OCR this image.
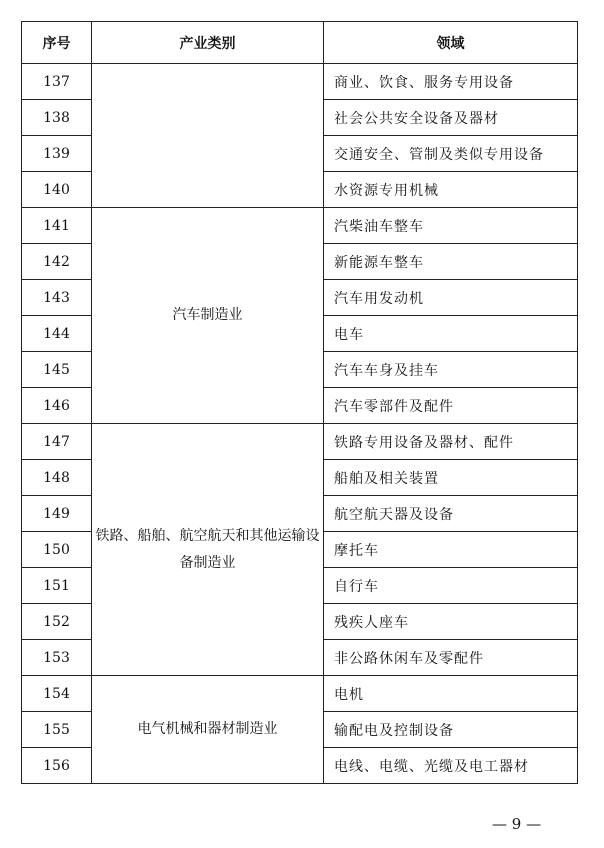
序号	产业类别	领域
137		商业、饮食、服务专用设备
138		社会公共安全设备及器材
139		交通安全、管制及类似专用设备
140		水资源专用机械
141	汽车制造业	汽柴油车整车
142		新能源车整车
143		汽车用发动机
144		电车
145		汽车车身及挂车
146		汽车零部件及配件
147	铁路、船舶、航空航天和其他运输设备制造业	铁路专用设备及器材、配件
148		船舶及相关装置
149		航空航天器及设备
150		摩托车
151		自行车
152		残疾人座车
153		非公路休闲车及零配件
154	电气机械和器材制造业	电机
155		输配电及控制设备
156		电线、电缆、光缆及电工器材
— 9 —
